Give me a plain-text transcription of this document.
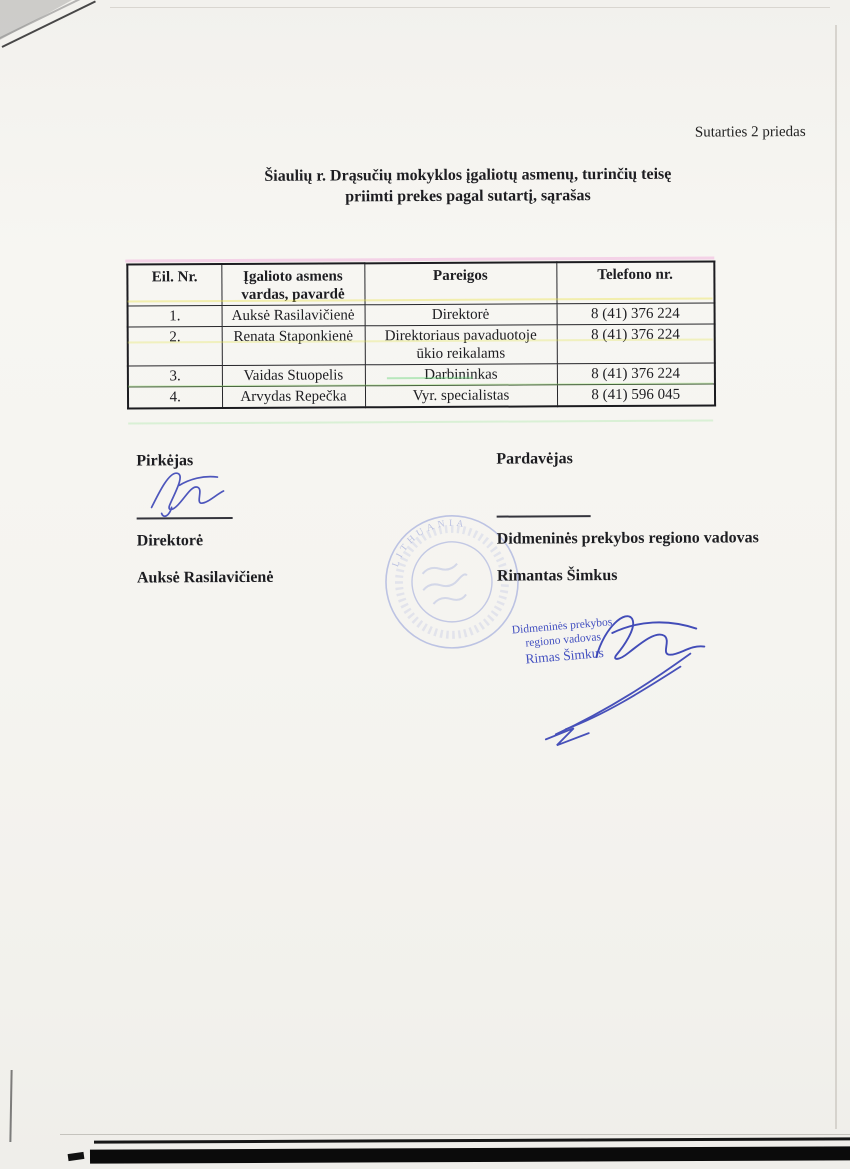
Sutarties 2 priedas
Šiaulių r. Drąsučių mokyklos įgaliotų asmenų, turinčių teisę
priimti prekes pagal sutartį, sąrašas
Eil. Nr.	Įgalioto asmens vardas, pavardė	Pareigos	Telefono nr.
1.	Auksė Rasilavičienė	Direktorė	8 (41) 376 224
2.	Renata Staponkienė	Direktoriaus pavaduotoje ūkio reikalams	8 (41) 376 224
3.	Vaidas Stuopelis	Darbininkas	8 (41) 376 224
4.	Arvydas Repečka	Vyr. specialistas	8 (41) 596 045
Pirkėjas	Pardavėjas
Direktorė	Didmeninės prekybos regiono vadovas
Auksė Rasilavičienė	Rimantas Šimkus
LITHUANIA
Didmeninės prekybos
regiono vadovas
Rimas Šimkus
